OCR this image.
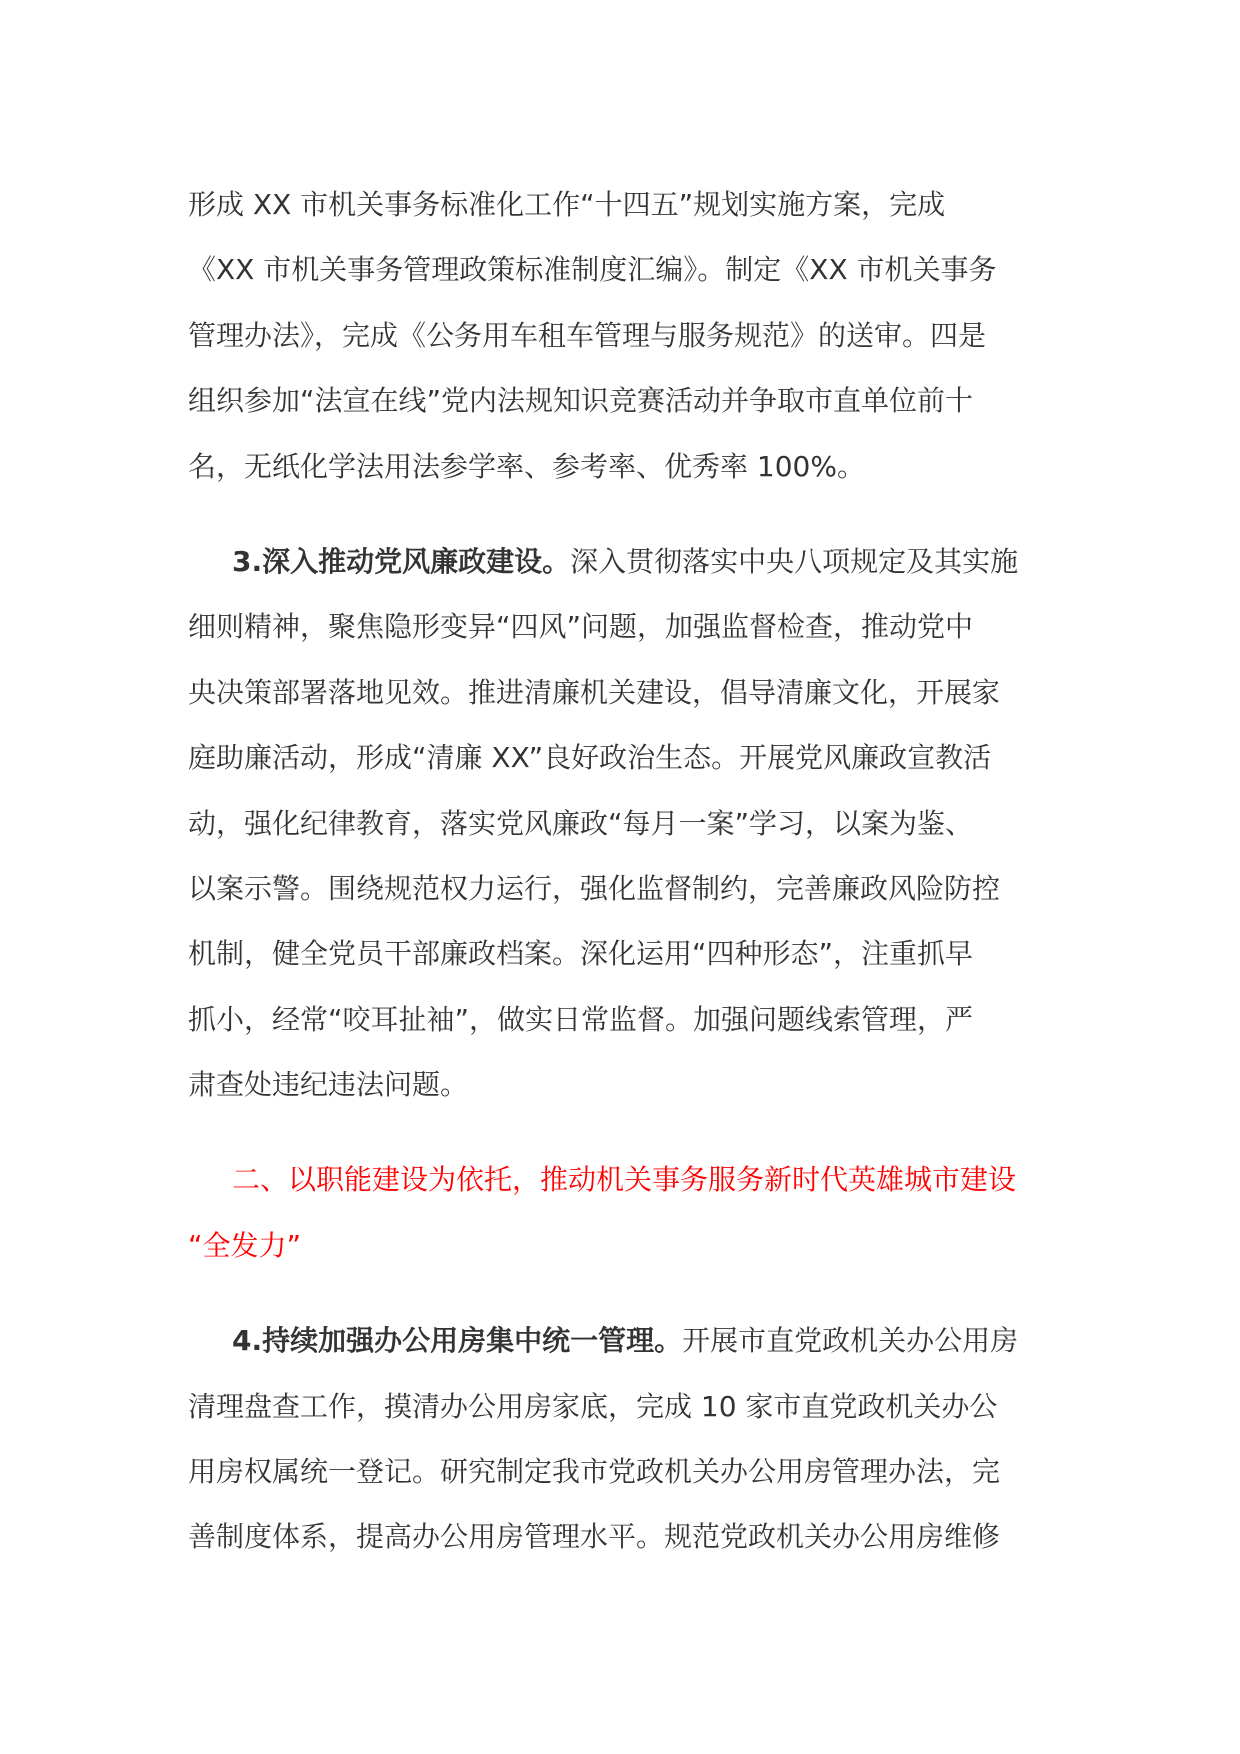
形成 XX 市机关事务标准化工作“十四五”规划实施方案，完成
《XX 市机关事务管理政策标准制度汇编》。制定《XX 市机关事务
管理办法》，完成《公务用车租车管理与服务规范》的送审。四是
组织参加“法宣在线”党内法规知识竞赛活动并争取市直单位前十
名，无纸化学法用法参学率、参考率、优秀率 100%。
3.深入推动党风廉政建设。深入贯彻落实中央八项规定及其实施
细则精神，聚焦隐形变异“四风”问题，加强监督检查，推动党中
央决策部署落地见效。推进清廉机关建设，倡导清廉文化，开展家
庭助廉活动，形成“清廉 XX”良好政治生态。开展党风廉政宣教活
动，强化纪律教育，落实党风廉政“每月一案”学习，以案为鉴、
以案示警。围绕规范权力运行，强化监督制约，完善廉政风险防控
机制，健全党员干部廉政档案。深化运用“四种形态”，注重抓早
抓小，经常“咬耳扯袖”，做实日常监督。加强问题线索管理，严
肃查处违纪违法问题。
二、以职能建设为依托，推动机关事务服务新时代英雄城市建设
“全发力”
4.持续加强办公用房集中统一管理。开展市直党政机关办公用房
清理盘查工作，摸清办公用房家底，完成 10 家市直党政机关办公
用房权属统一登记。研究制定我市党政机关办公用房管理办法，完
善制度体系，提高办公用房管理水平。规范党政机关办公用房维修
